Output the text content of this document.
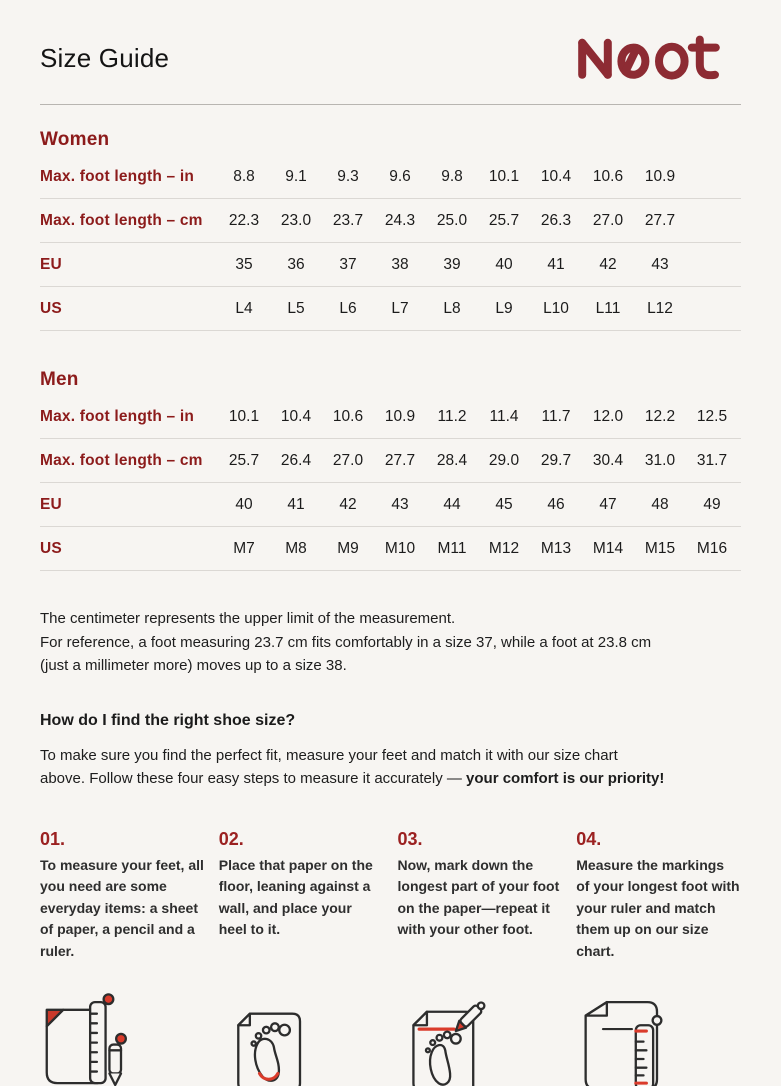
Size Guide
Women
Max. foot length – in	8.8	9.1	9.3	9.6	9.8	10.1	10.4	10.6	10.9
Max. foot length – cm	22.3	23.0	23.7	24.3	25.0	25.7	26.3	27.0	27.7
EU	35	36	37	38	39	40	41	42	43
US	L4	L5	L6	L7	L8	L9	L10	L11	L12
Men
Max. foot length – in	10.1	10.4	10.6	10.9	11.2	11.4	11.7	12.0	12.2	12.5
Max. foot length – cm	25.7	26.4	27.0	27.7	28.4	29.0	29.7	30.4	31.0	31.7
EU	40	41	42	43	44	45	46	47	48	49
US	M7	M8	M9	M10	M11	M12	M13	M14	M15	M16

The centimeter represents the upper limit of the measurement.
For reference, a foot measuring 23.7 cm fits comfortably in a size 37, while a foot at 23.8 cm
(just a millimeter more) moves up to a size 38.

How do I find the right shoe size?

To make sure you find the perfect fit, measure your feet and match it with our size chart
above. Follow these four easy steps to measure it accurately — your comfort is our priority!

01.

To measure your feet, all you need are some everyday items: a sheet of paper, a pencil and a ruler.

02.

Place that paper on the floor, leaning against a wall, and place your heel to it.

03.

Now, mark down the longest part of your foot on the paper—repeat it with your other foot.

04.

Measure the markings of your longest foot with your ruler and match them up on our size chart.
